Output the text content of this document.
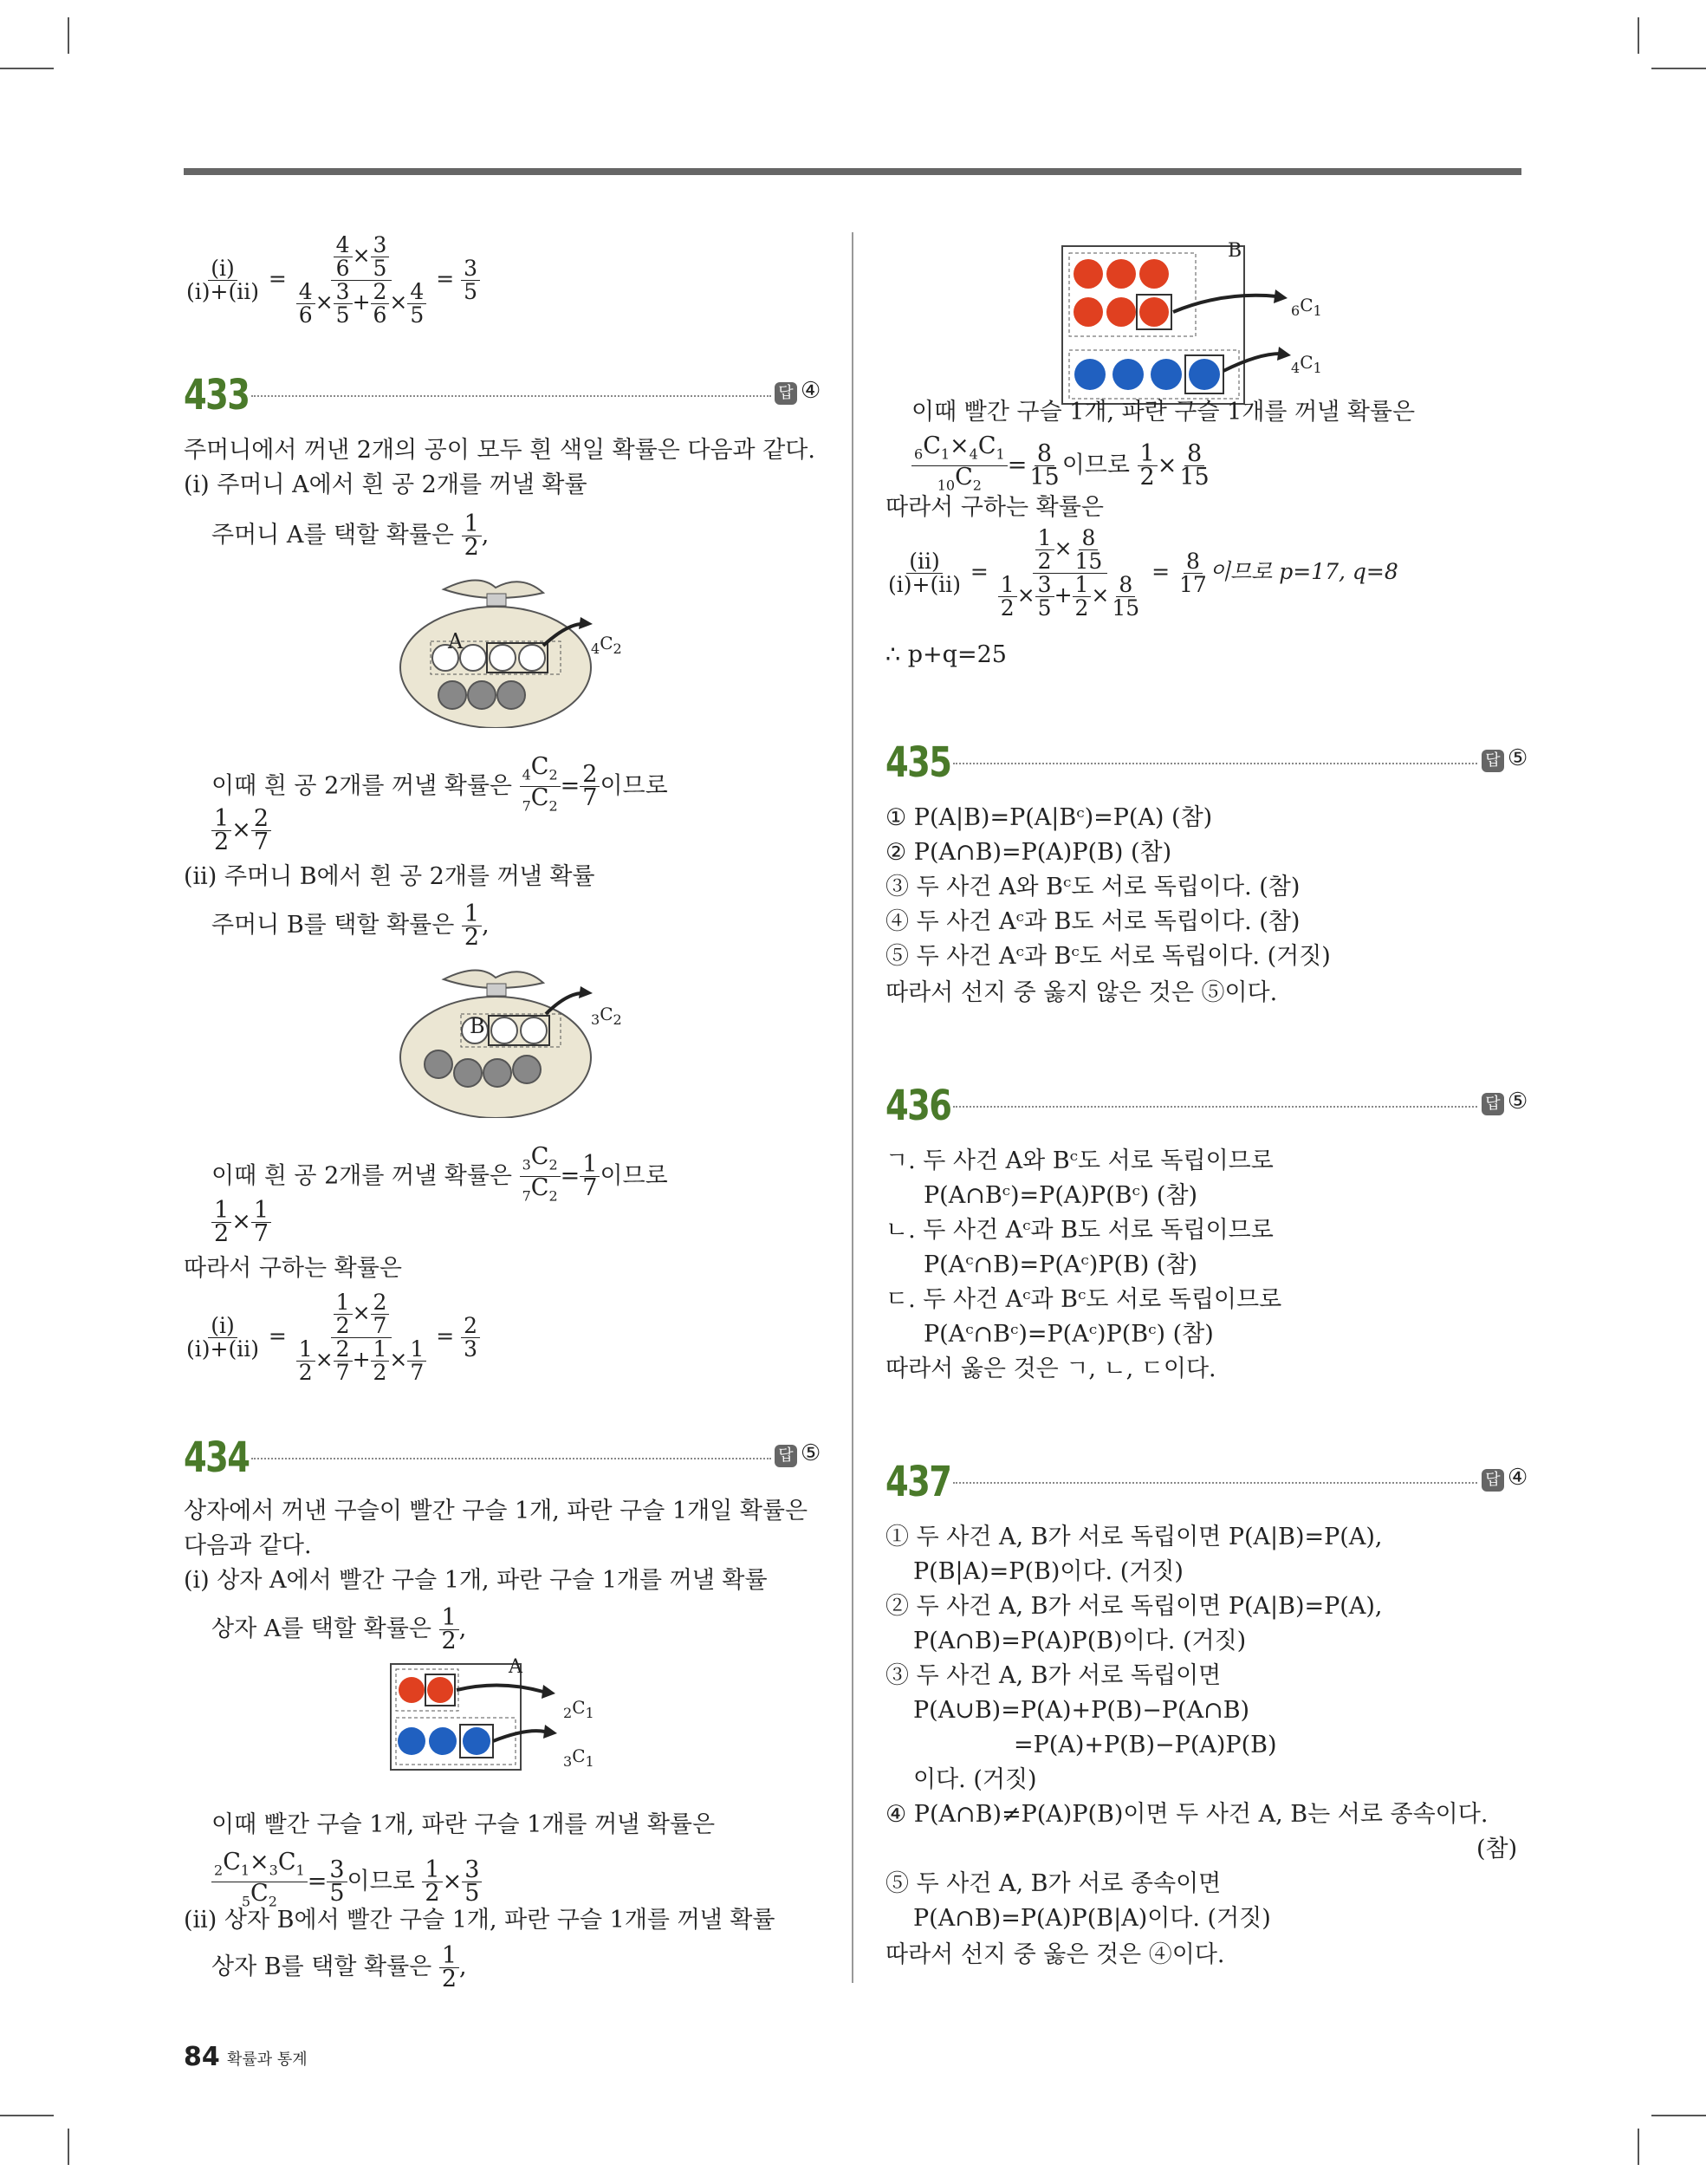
$\frac{(i)}{(i)+(ii)} = \frac{\frac{4}{6} \times \frac{3}{5}}{\frac{4}{6} \times \frac{3}{5} + \frac{2}{6} \times \frac{4}{5}} = \frac{3}{5}$
433	답 ④
주머니에서 꺼낸 2개의 공이 모두 흰 색일 확률은 다음과 같다.
(i) 주머니 A에서 흰 공 2개를 꺼낼 확률
주머니 A를 택할 확률은 $\frac{1}{2}$ ,
A	$_4C_2$
이때 흰 공 2개를 꺼낼 확률은 $\frac{_4C_2}{_7C_2} = \frac{2}{7}$ 이므로
$\frac{1}{2} \times \frac{2}{7}$
(ii) 주머니 B에서 흰 공 2개를 꺼낼 확률
주머니 B를 택할 확률은 $\frac{1}{2}$ ,
B	$_3C_2$
이때 흰 공 2개를 꺼낼 확률은 $\frac{_3C_2}{_7C_2} = \frac{1}{7}$ 이므로
$\frac{1}{2} \times \frac{1}{7}$
따라서 구하는 확률은
$\frac{(i)}{(i)+(ii)} = \frac{\frac{1}{2} \times \frac{2}{7}}{\frac{1}{2} \times \frac{2}{7} + \frac{1}{2} \times \frac{1}{7}} = \frac{2}{3}$
434	답 ⑤
상자에서 꺼낸 구슬이 빨간 구슬 1개, 파란 구슬 1개일 확률은
다음과 같다.
(i) 상자 A에서 빨간 구슬 1개, 파란 구슬 1개를 꺼낼 확률
상자 A를 택할 확률은 $\frac{1}{2}$ ,
A
$_2C_1$
$_3C_1$
이때 빨간 구슬 1개, 파란 구슬 1개를 꺼낼 확률은
$\frac{_2C_1\times_3C_1}{_5C_2} = \frac{3}{5}$ 이므로 $\frac{1}{2} \times \frac{3}{5}$
(ii) 상자 B에서 빨간 구슬 1개, 파란 구슬 1개를 꺼낼 확률
상자 B를 택할 확률은 $\frac{1}{2}$ ,
B
$_6C_1$
$_4C_1$
이때 빨간 구슬 1개, 파란 구슬 1개를 꺼낼 확률은
$\frac{_6C_1\times_4C_1}{_{10}C_2} = \frac{8}{15}$ 이므로 $\frac{1}{2} \times \frac{8}{15}$
따라서 구하는 확률은
$\frac{(ii)}{(i)+(ii)} = \frac{\frac{1}{2} \times \frac{8}{15}}{\frac{1}{2} \times \frac{3}{5} + \frac{1}{2} \times \frac{8}{15}} = \frac{8}{17}$ 이므로 p=17, q=8
∴ p+q=25
435	답 ⑤
① P(A|B)=P(A|Bᶜ)=P(A) (참)
② P(A∩B)=P(A)P(B) (참)
③ 두 사건 A와 Bᶜ도 서로 독립이다. (참)
④ 두 사건 Aᶜ과 B도 서로 독립이다. (참)
⑤ 두 사건 Aᶜ과 Bᶜ도 서로 독립이다. (거짓)
따라서 선지 중 옳지 않은 것은 ⑤이다.
436	답 ⑤
ㄱ. 두 사건 A와 Bᶜ도 서로 독립이므로
P(A∩Bᶜ)=P(A)P(Bᶜ) (참)
ㄴ. 두 사건 Aᶜ과 B도 서로 독립이므로
P(Aᶜ∩B)=P(Aᶜ)P(B) (참)
ㄷ. 두 사건 Aᶜ과 Bᶜ도 서로 독립이므로
P(Aᶜ∩Bᶜ)=P(Aᶜ)P(Bᶜ) (참)
따라서 옳은 것은 ㄱ, ㄴ, ㄷ이다.
437	답 ④
① 두 사건 A, B가 서로 독립이면 P(A|B)=P(A),
P(B|A)=P(B)이다. (거짓)
② 두 사건 A, B가 서로 독립이면 P(A|B)=P(A),
P(A∩B)=P(A)P(B)이다. (거짓)
③ 두 사건 A, B가 서로 독립이면
P(A∪B)=P(A)+P(B)−P(A∩B)
=P(A)+P(B)−P(A)P(B)
이다. (거짓)
④ P(A∩B)≠P(A)P(B)이면 두 사건 A, B는 서로 종속이다.
(참)
⑤ 두 사건 A, B가 서로 종속이면
P(A∩B)=P(A)P(B|A)이다. (거짓)
따라서 선지 중 옳은 것은 ④이다.
84 확률과 통계
